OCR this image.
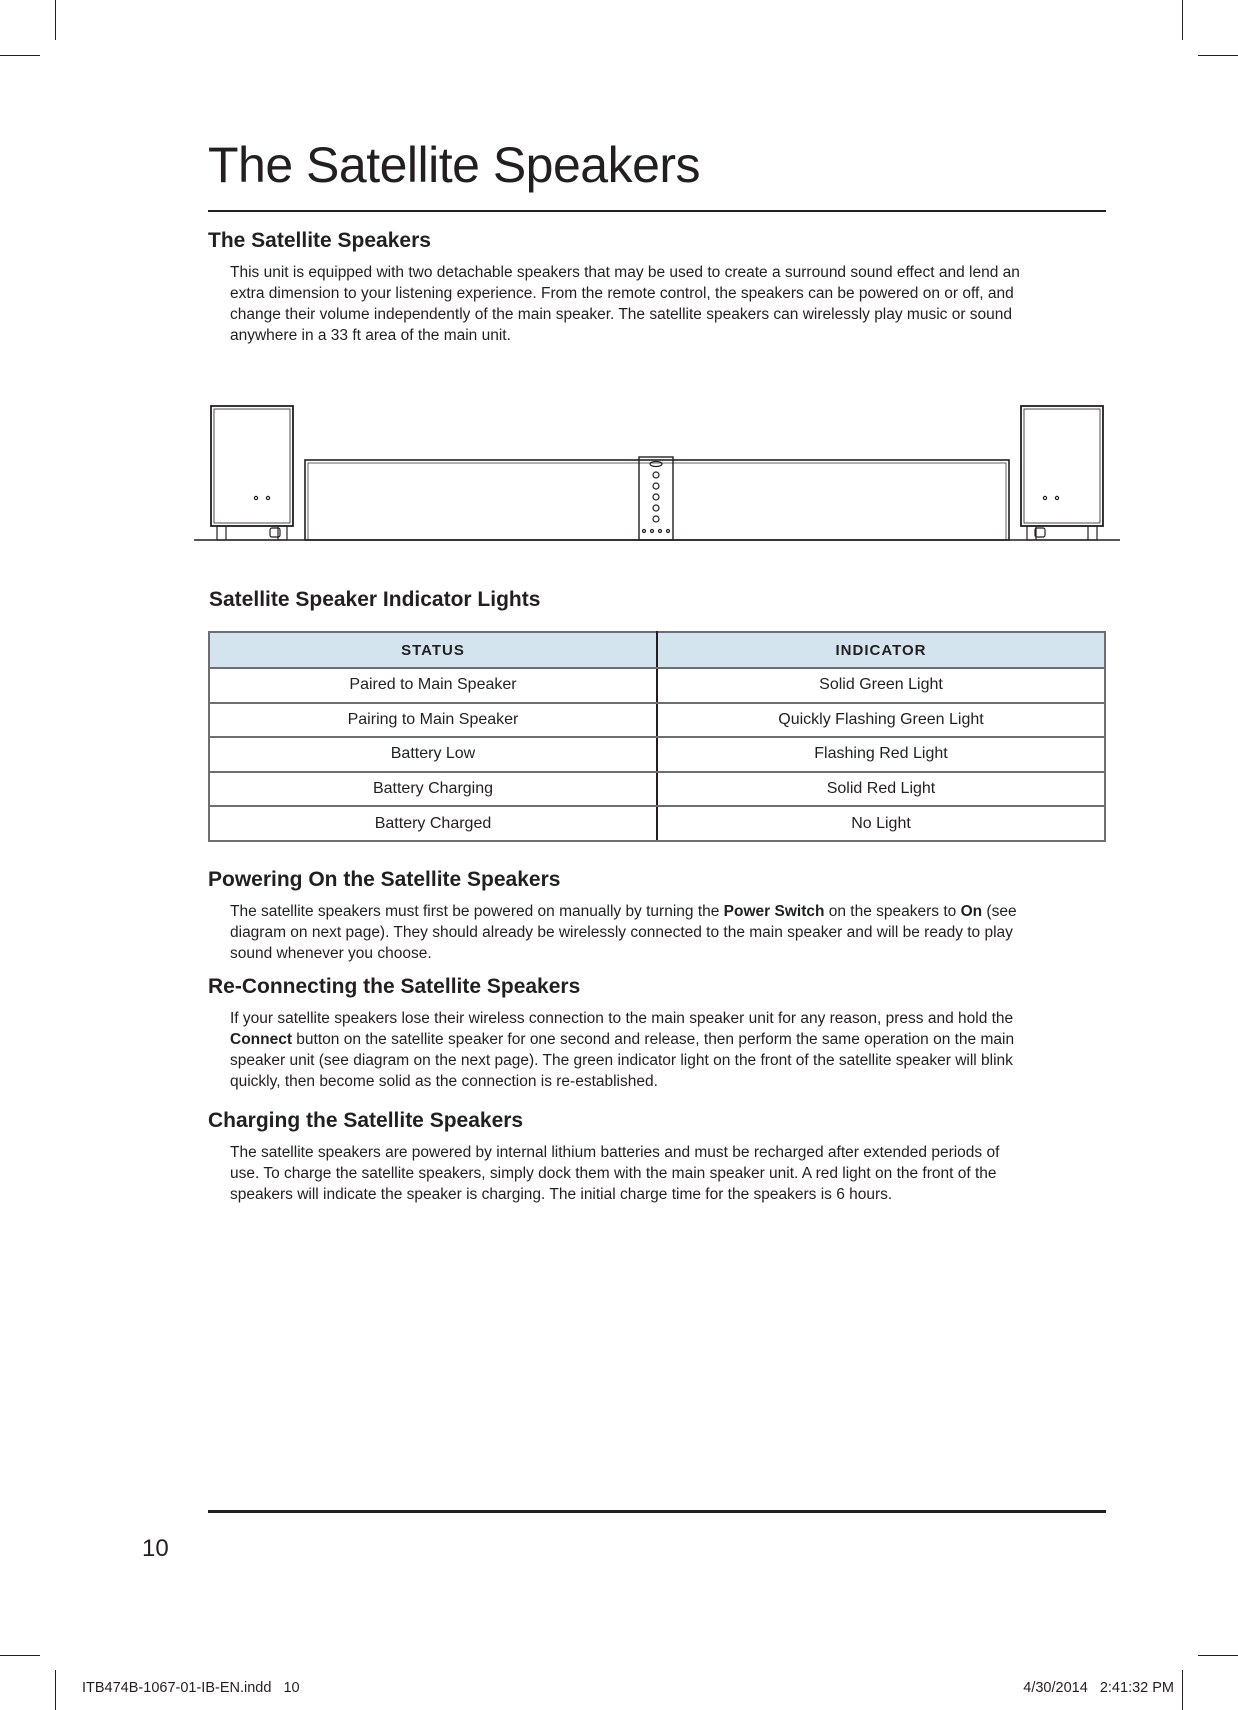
The Satellite Speakers
The Satellite Speakers
This unit is equipped with two detachable speakers that may be used to create a surround sound effect and lend an
extra dimension to your listening experience. From the remote control, the speakers can be powered on or off, and
change their volume independently of the main speaker. The satellite speakers can wirelessly play music or sound
anywhere in a 33 ft area of the main unit.
Satellite Speaker Indicator Lights
STATUS	INDICATOR
Paired to Main Speaker	Solid Green Light
Pairing to Main Speaker	Quickly Flashing Green Light
Battery Low	Flashing Red Light
Battery Charging	Solid Red Light
Battery Charged	No Light
Powering On the Satellite Speakers
The satellite speakers must first be powered on manually by turning the Power Switch on the speakers to On (see
diagram on next page). They should already be wirelessly connected to the main speaker and will be ready to play
sound whenever you choose.
Re-Connecting the Satellite Speakers
If your satellite speakers lose their wireless connection to the main speaker unit for any reason, press and hold the
Connect button on the satellite speaker for one second and release, then perform the same operation on the main
speaker unit (see diagram on the next page). The green indicator light on the front of the satellite speaker will blink
quickly, then become solid as the connection is re-established.
Charging the Satellite Speakers
The satellite speakers are powered by internal lithium batteries and must be recharged after extended periods of
use. To charge the satellite speakers, simply dock them with the main speaker unit. A red light on the front of the
speakers will indicate the speaker is charging. The initial charge time for the speakers is 6 hours.
10
ITB474B-1067-01-IB-EN.indd   10	4/30/2014   2:41:32 PM
